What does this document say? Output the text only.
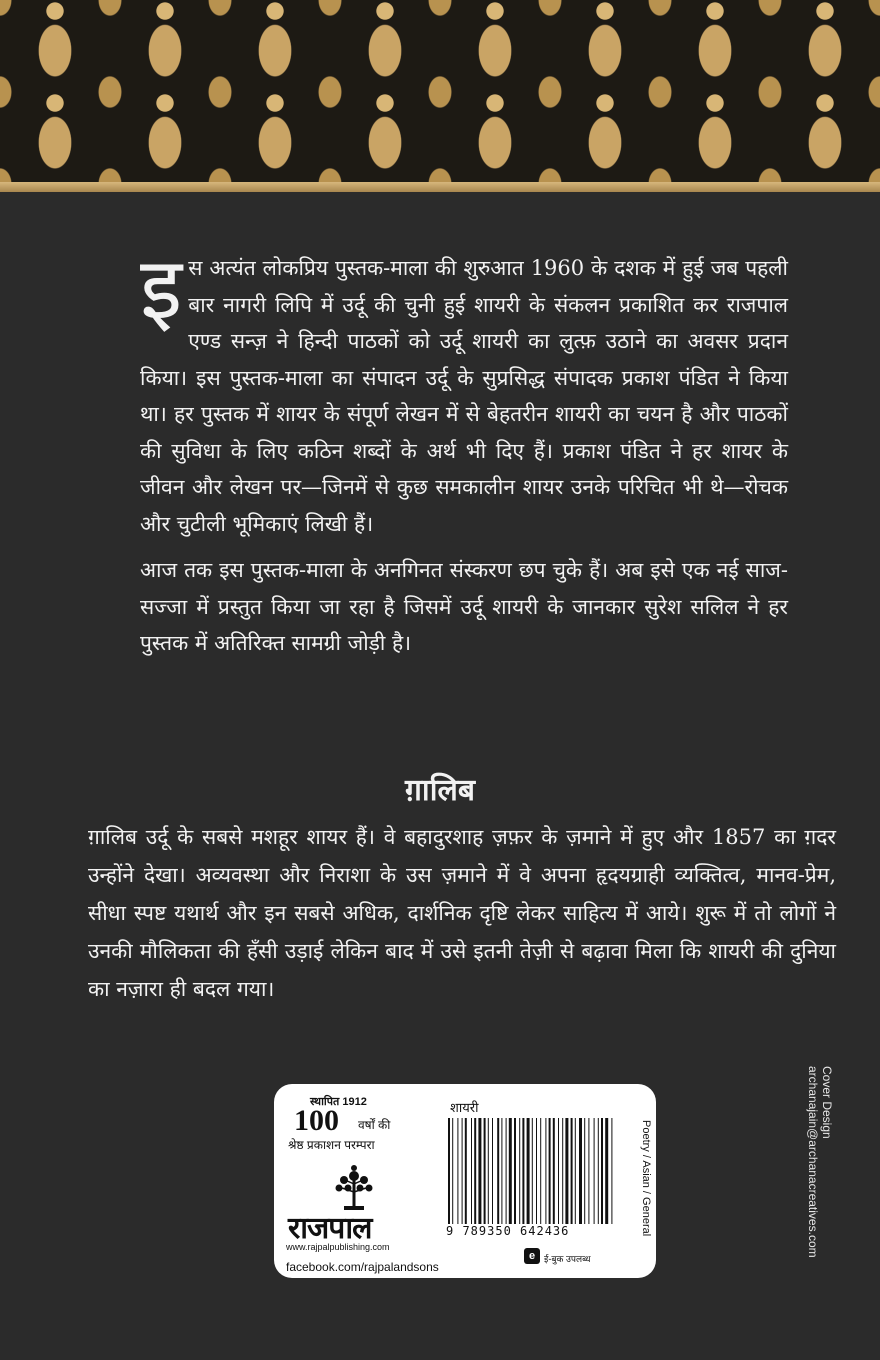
इस अत्यंत लोकप्रिय पुस्तक-माला की शुरुआत 1960 के दशक में हुई जब पहली बार नागरी लिपि में उर्दू की चुनी हुई शायरी के संकलन प्रकाशित कर राजपाल एण्ड सन्ज़ ने हिन्दी पाठकों को उर्दू शायरी का लुत्फ़ उठाने का अवसर प्रदान किया। इस पुस्तक-माला का संपादन उर्दू के सुप्रसिद्ध संपादक प्रकाश पंडित ने किया था। हर पुस्तक में शायर के संपूर्ण लेखन में से बेहतरीन शायरी का चयन है और पाठकों की सुविधा के लिए कठिन शब्दों के अर्थ भी दिए हैं। प्रकाश पंडित ने हर शायर के जीवन और लेखन पर—जिनमें से कुछ समकालीन शायर उनके परिचित भी थे—रोचक और चुटीली भूमिकाएं लिखी हैं।

आज तक इस पुस्तक-माला के अनगिनत संस्करण छप चुके हैं। अब इसे एक नई साज-सज्जा में प्रस्तुत किया जा रहा है जिसमें उर्दू शायरी के जानकार सुरेश सलिल ने हर पुस्तक में अतिरिक्त सामग्री जोड़ी है।

ग़ालिब

ग़ालिब उर्दू के सबसे मशहूर शायर हैं। वे बहादुरशाह ज़फ़र के ज़माने में हुए और 1857 का ग़दर उन्होंने देखा। अव्यवस्था और निराशा के उस ज़माने में वे अपना हृदयग्राही व्यक्तित्व, मानव-प्रेम, सीधा स्पष्ट यथार्थ और इन सबसे अधिक, दार्शनिक दृष्टि लेकर साहित्य में आये। शुरू में तो लोगों ने उनकी मौलिकता की हँसी उड़ाई लेकिन बाद में उसे इतनी तेज़ी से बढ़ावा मिला कि शायरी की दुनिया का नज़ारा ही बदल गया।

स्थापित 1912
100 वर्षों की
श्रेष्ठ प्रकाशन परम्परा
राजपाल
www.rajpalpublishing.com
facebook.com/rajpalandsons
शायरी
9 789350 642436
e ई-बुक उपलब्ध
Poetry / Asian / General
Cover Design
archanajain@archanacreatives.com
